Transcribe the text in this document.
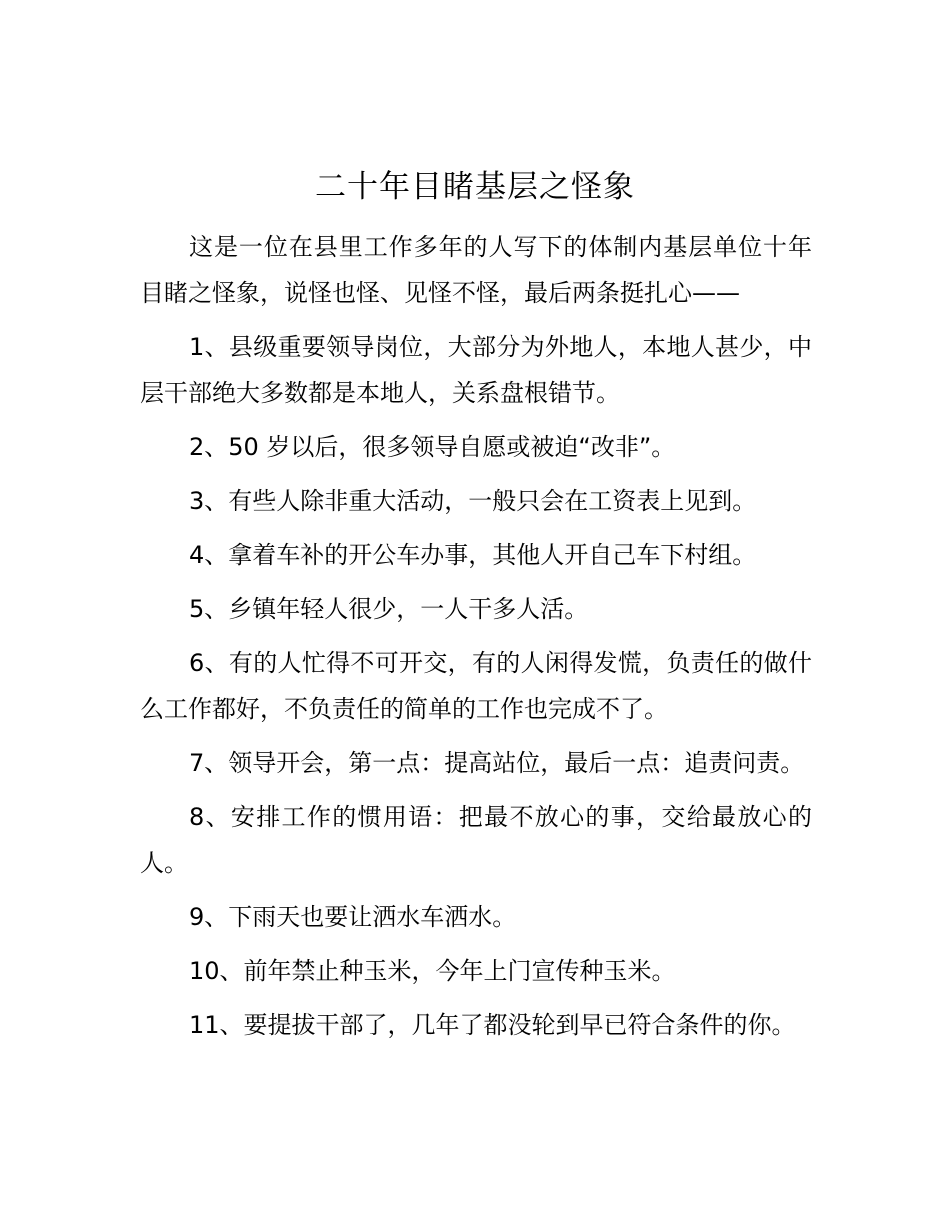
二十年目睹基层之怪象

这是一位在县里工作多年的人写下的体制内基层单位十年目睹之怪象，说怪也怪、见怪不怪，最后两条挺扎心——

1、县级重要领导岗位，大部分为外地人，本地人甚少，中层干部绝大多数都是本地人，关系盘根错节。

2、50 岁以后，很多领导自愿或被迫“改非”。

3、有些人除非重大活动，一般只会在工资表上见到。

4、拿着车补的开公车办事，其他人开自己车下村组。

5、乡镇年轻人很少，一人干多人活。

6、有的人忙得不可开交，有的人闲得发慌，负责任的做什么工作都好，不负责任的简单的工作也完成不了。

7、领导开会，第一点：提高站位，最后一点：追责问责。

8、安排工作的惯用语：把最不放心的事，交给最放心的人。

9、下雨天也要让洒水车洒水。

10、前年禁止种玉米，今年上门宣传种玉米。

11、要提拔干部了，几年了都没轮到早已符合条件的你。
